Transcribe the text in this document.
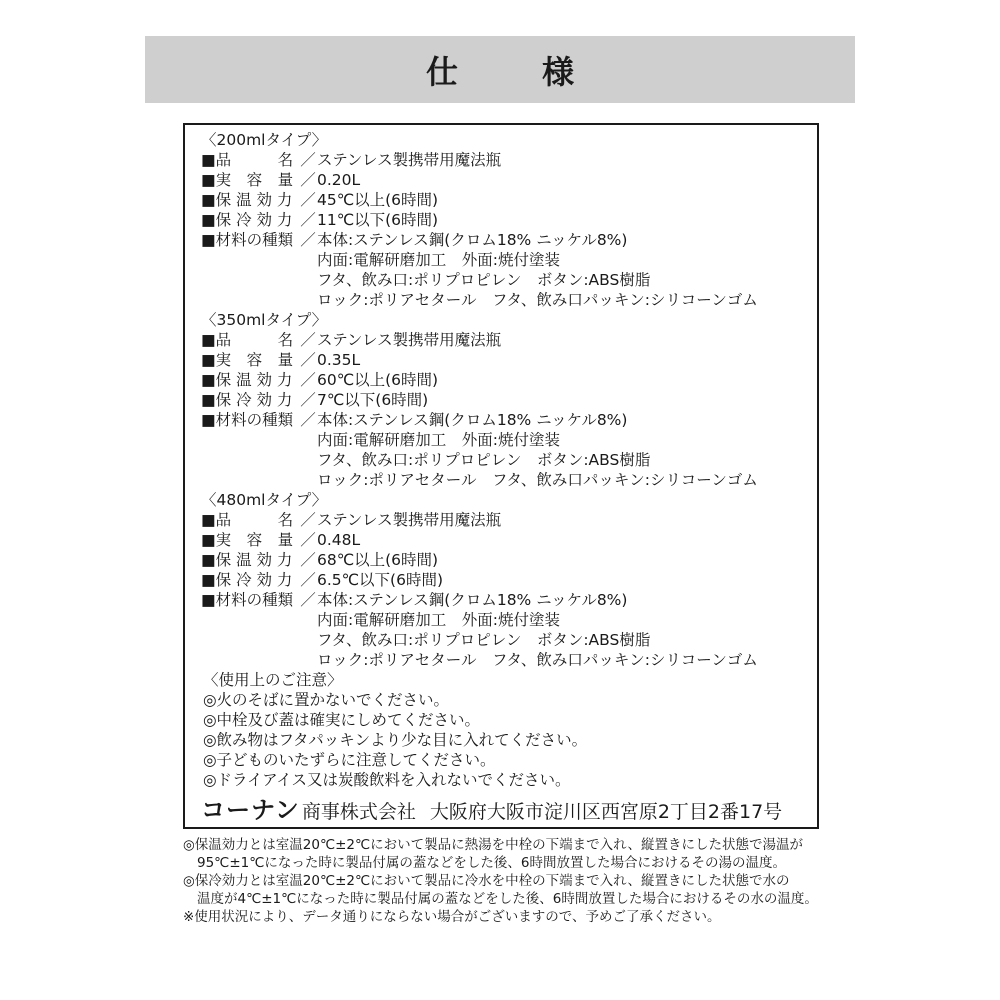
仕　様
〈200mlタイプ〉
■品　　　名 ／ ステンレス製携帯用魔法瓶
■実　容　量 ／ 0.20L
■保 温 効 力 ／ 45℃以上(6時間)
■保 冷 効 力 ／ 11℃以下(6時間)
■材料の種類 ／ 本体:ステンレス鋼(クロム18% ニッケル8%)
内面:電解研磨加工　外面:焼付塗装
フタ、飲み口:ポリプロピレン　ボタン:ABS樹脂
ロック:ポリアセタール　フタ、飲み口パッキン:シリコーンゴム
〈350mlタイプ〉
■品　　　名 ／ ステンレス製携帯用魔法瓶
■実　容　量 ／ 0.35L
■保 温 効 力 ／ 60℃以上(6時間)
■保 冷 効 力 ／ 7℃以下(6時間)
■材料の種類 ／ 本体:ステンレス鋼(クロム18% ニッケル8%)
内面:電解研磨加工　外面:焼付塗装
フタ、飲み口:ポリプロピレン　ボタン:ABS樹脂
ロック:ポリアセタール　フタ、飲み口パッキン:シリコーンゴム
〈480mlタイプ〉
■品　　　名 ／ ステンレス製携帯用魔法瓶
■実　容　量 ／ 0.48L
■保 温 効 力 ／ 68℃以上(6時間)
■保 冷 効 力 ／ 6.5℃以下(6時間)
■材料の種類 ／ 本体:ステンレス鋼(クロム18% ニッケル8%)
内面:電解研磨加工　外面:焼付塗装
フタ、飲み口:ポリプロピレン　ボタン:ABS樹脂
ロック:ポリアセタール　フタ、飲み口パッキン:シリコーンゴム
〈使用上のご注意〉
◎火のそばに置かないでください。
◎中栓及び蓋は確実にしめてください。
◎飲み物はフタパッキンより少な目に入れてください。
◎子どものいたずらに注意してください。
◎ドライアイス又は炭酸飲料を入れないでください。
コーナン 商事株式会社 大阪府大阪市淀川区西宮原2丁目2番17号
◎保温効力とは室温20℃±2℃において製品に熱湯を中栓の下端まで入れ、縦置きにした状態で湯温が
95℃±1℃になった時に製品付属の蓋などをした後、6時間放置した場合におけるその湯の温度。
◎保冷効力とは室温20℃±2℃において製品に冷水を中栓の下端まで入れ、縦置きにした状態で水の
温度が4℃±1℃になった時に製品付属の蓋などをした後、6時間放置した場合におけるその水の温度。
※使用状況により、データ通りにならない場合がございますので、予めご了承ください。
